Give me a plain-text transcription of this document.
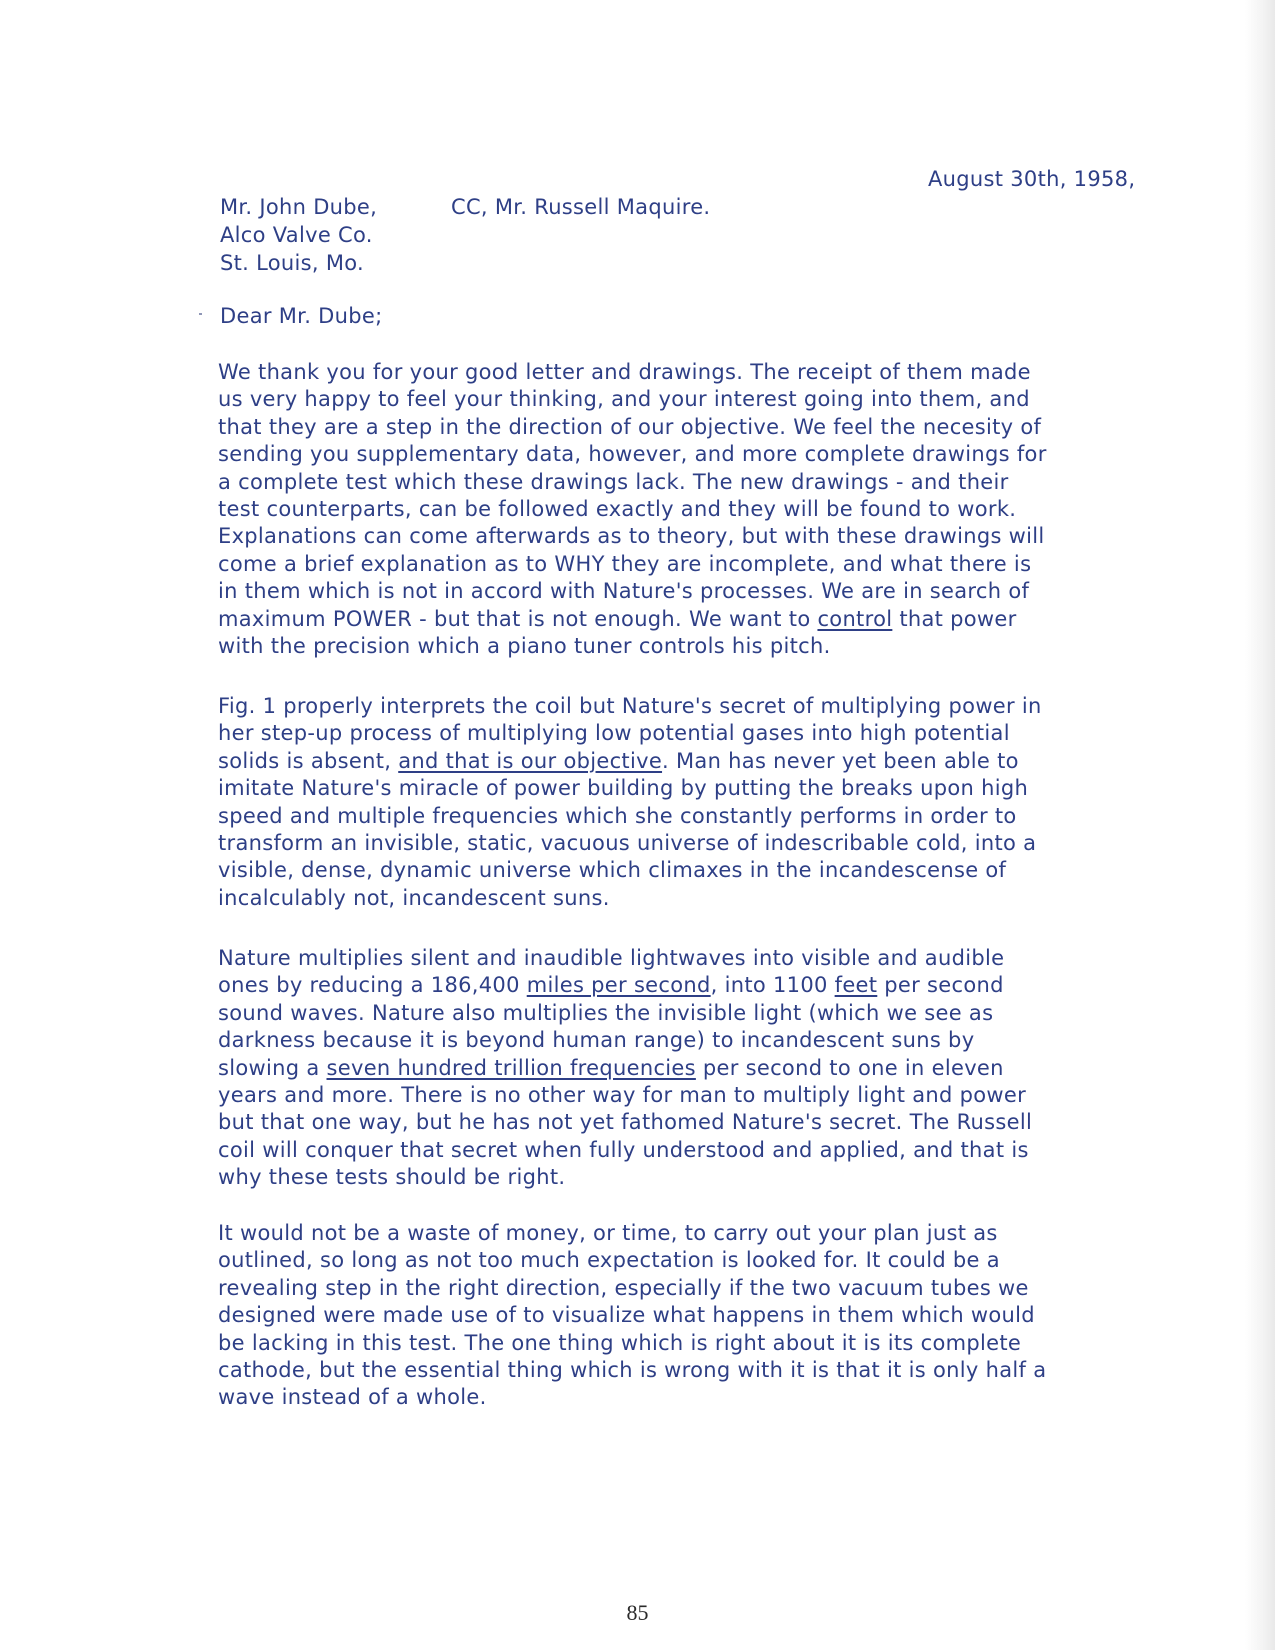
August 30th, 1958,
Mr. John Dube,
Alco Valve Co.
St. Louis, Mo.
CC, Mr. Russell Maquire.
Dear Mr. Dube;
We thank you for your good letter and drawings. The receipt of them made
us very happy to feel your thinking, and your interest going into them, and
that they are a step in the direction of our objective. We feel the necesity of
sending you supplementary data, however, and more complete drawings for
a complete test which these drawings lack. The new drawings - and their
test counterparts, can be followed exactly and they will be found to work.
Explanations can come afterwards as to theory, but with these drawings will
come a brief explanation as to WHY they are incomplete, and what there is
in them which is not in accord with Nature's processes. We are in search of
maximum POWER - but that is not enough. We want to control that power
with the precision which a piano tuner controls his pitch.
Fig. 1 properly interprets the coil but Nature's secret of multiplying power in
her step-up process of multiplying low potential gases into high potential
solids is absent, and that is our objective. Man has never yet been able to
imitate Nature's miracle of power building by putting the breaks upon high
speed and multiple frequencies which she constantly performs in order to
transform an invisible, static, vacuous universe of indescribable cold, into a
visible, dense, dynamic universe which climaxes in the incandescense of
incalculably not, incandescent suns.
Nature multiplies silent and inaudible lightwaves into visible and audible
ones by reducing a 186,400 miles per second, into 1100 feet per second
sound waves. Nature also multiplies the invisible light (which we see as
darkness because it is beyond human range) to incandescent suns by
slowing a seven hundred trillion frequencies per second to one in eleven
years and more. There is no other way for man to multiply light and power
but that one way, but he has not yet fathomed Nature's secret. The Russell
coil will conquer that secret when fully understood and applied, and that is
why these tests should be right.
It would not be a waste of money, or time, to carry out your plan just as
outlined, so long as not too much expectation is looked for. It could be a
revealing step in the right direction, especially if the two vacuum tubes we
designed were made use of to visualize what happens in them which would
be lacking in this test. The one thing which is right about it is its complete
cathode, but the essential thing which is wrong with it is that it is only half a
wave instead of a whole.
85
